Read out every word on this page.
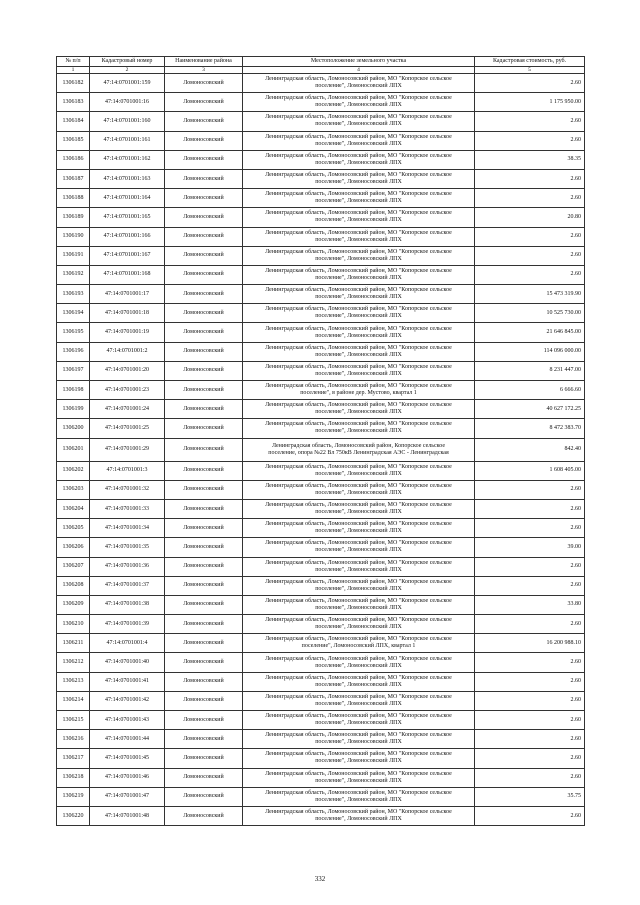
№ п/п	Кадастровый номер	Наименование района	Местоположение земельного участка	Кадастровая стоимость, руб.
1	2	3	4	5
1306182	47:14:0701001:159	Ломоносовский	Ленинградская область, Ломоносовский район, МО "Копорское сельское
поселение", Ломоносовский ЛПХ	2.60
1306183	47:14:0701001:16	Ломоносовский	Ленинградская область, Ломоносовский район, МО "Копорское сельское
поселение", Ломоносовский ЛПХ	1 175 950.00
1306184	47:14:0701001:160	Ломоносовский	Ленинградская область, Ломоносовский район, МО "Копорское сельское
поселение", Ломоносовский ЛПХ	2.60
1306185	47:14:0701001:161	Ломоносовский	Ленинградская область, Ломоносовский район, МО "Копорское сельское
поселение", Ломоносовский ЛПХ	2.60
1306186	47:14:0701001:162	Ломоносовский	Ленинградская область, Ломоносовский район, МО "Копорское сельское
поселение", Ломоносовский ЛПХ	38.35
1306187	47:14:0701001:163	Ломоносовский	Ленинградская область, Ломоносовский район, МО "Копорское сельское
поселение", Ломоносовский ЛПХ	2.60
1306188	47:14:0701001:164	Ломоносовский	Ленинградская область, Ломоносовский район, МО "Копорское сельское
поселение", Ломоносовский ЛПХ	2.60
1306189	47:14:0701001:165	Ломоносовский	Ленинградская область, Ломоносовский район, МО "Копорское сельское
поселение", Ломоносовский ЛПХ	20.80
1306190	47:14:0701001:166	Ломоносовский	Ленинградская область, Ломоносовский район, МО "Копорское сельское
поселение", Ломоносовский ЛПХ	2.60
1306191	47:14:0701001:167	Ломоносовский	Ленинградская область, Ломоносовский район, МО "Копорское сельское
поселение", Ломоносовский ЛПХ	2.60
1306192	47:14:0701001:168	Ломоносовский	Ленинградская область, Ломоносовский район, МО "Копорское сельское
поселение", Ломоносовский ЛПХ	2.60
1306193	47:14:0701001:17	Ломоносовский	Ленинградская область, Ломоносовский район, МО "Копорское сельское
поселение", Ломоносовский ЛПХ	15 473 319.90
1306194	47:14:0701001:18	Ломоносовский	Ленинградская область, Ломоносовский район, МО "Копорское сельское
поселение", Ломоносовский ЛПХ	10 525 730.00
1306195	47:14:0701001:19	Ломоносовский	Ленинградская область, Ломоносовский район, МО "Копорское сельское
поселение", Ломоносовский ЛПХ	21 646 845.00
1306196	47:14:0701001:2	Ломоносовский	Ленинградская область, Ломоносовский район, МО "Копорское сельское
поселение", Ломоносовский ЛПХ	114 096 000.00
1306197	47:14:0701001:20	Ломоносовский	Ленинградская область, Ломоносовский район, МО "Копорское сельское
поселение", Ломоносовский ЛПХ	8 231 447.00
1306198	47:14:0701001:23	Ломоносовский	Ленинградская область, Ломоносовский район, МО "Копорское сельское
поселение", в районе дер. Мустово, квартал 1	6 666.60
1306199	47:14:0701001:24	Ломоносовский	Ленинградская область, Ломоносовский район, МО "Копорское сельское
поселение", Ломоносовский ЛПХ	40 627 172.25
1306200	47:14:0701001:25	Ломоносовский	Ленинградская область, Ломоносовский район, МО "Копорское сельское
поселение", Ломоносовский ЛПХ	8 472 383.70
1306201	47:14:0701001:29	Ломоносовский	Ленинградская область, Ломоносовский район, Копорское сельское
поселение, опора №22 Вл 750кВ Ленинградская АЭС - Ленинградская	842.40
1306202	47:14:0701001:3	Ломоносовский	Ленинградская область, Ломоносовский район, МО "Копорское сельское
поселение", Ломоносовский ЛПХ	1 608 405.00
1306203	47:14:0701001:32	Ломоносовский	Ленинградская область, Ломоносовский район, МО "Копорское сельское
поселение", Ломоносовский ЛПХ	2.60
1306204	47:14:0701001:33	Ломоносовский	Ленинградская область, Ломоносовский район, МО "Копорское сельское
поселение", Ломоносовский ЛПХ	2.60
1306205	47:14:0701001:34	Ломоносовский	Ленинградская область, Ломоносовский район, МО "Копорское сельское
поселение", Ломоносовский ЛПХ	2.60
1306206	47:14:0701001:35	Ломоносовский	Ленинградская область, Ломоносовский район, МО "Копорское сельское
поселение", Ломоносовский ЛПХ	39.00
1306207	47:14:0701001:36	Ломоносовский	Ленинградская область, Ломоносовский район, МО "Копорское сельское
поселение", Ломоносовский ЛПХ	2.60
1306208	47:14:0701001:37	Ломоносовский	Ленинградская область, Ломоносовский район, МО "Копорское сельское
поселение", Ломоносовский ЛПХ	2.60
1306209	47:14:0701001:38	Ломоносовский	Ленинградская область, Ломоносовский район, МО "Копорское сельское
поселение", Ломоносовский ЛПХ	33.80
1306210	47:14:0701001:39	Ломоносовский	Ленинградская область, Ломоносовский район, МО "Копорское сельское
поселение", Ломоносовский ЛПХ	2.60
1306211	47:14:0701001:4	Ломоносовский	Ленинградская область, Ломоносовский район, МО "Копорское сельское
поселение", Ломоносовский ЛПХ, квартал 1	16 200 988.10
1306212	47:14:0701001:40	Ломоносовский	Ленинградская область, Ломоносовский район, МО "Копорское сельское
поселение", Ломоносовский ЛПХ	2.60
1306213	47:14:0701001:41	Ломоносовский	Ленинградская область, Ломоносовский район, МО "Копорское сельское
поселение", Ломоносовский ЛПХ	2.60
1306214	47:14:0701001:42	Ломоносовский	Ленинградская область, Ломоносовский район, МО "Копорское сельское
поселение", Ломоносовский ЛПХ	2.60
1306215	47:14:0701001:43	Ломоносовский	Ленинградская область, Ломоносовский район, МО "Копорское сельское
поселение", Ломоносовский ЛПХ	2.60
1306216	47:14:0701001:44	Ломоносовский	Ленинградская область, Ломоносовский район, МО "Копорское сельское
поселение", Ломоносовский ЛПХ	2.60
1306217	47:14:0701001:45	Ломоносовский	Ленинградская область, Ломоносовский район, МО "Копорское сельское
поселение", Ломоносовский ЛПХ	2.60
1306218	47:14:0701001:46	Ломоносовский	Ленинградская область, Ломоносовский район, МО "Копорское сельское
поселение", Ломоносовский ЛПХ	2.60
1306219	47:14:0701001:47	Ломоносовский	Ленинградская область, Ломоносовский район, МО "Копорское сельское
поселение", Ломоносовский ЛПХ	35.75
1306220	47:14:0701001:48	Ломоносовский	Ленинградская область, Ломоносовский район, МО "Копорское сельское
поселение", Ломоносовский ЛПХ	2.60
332
